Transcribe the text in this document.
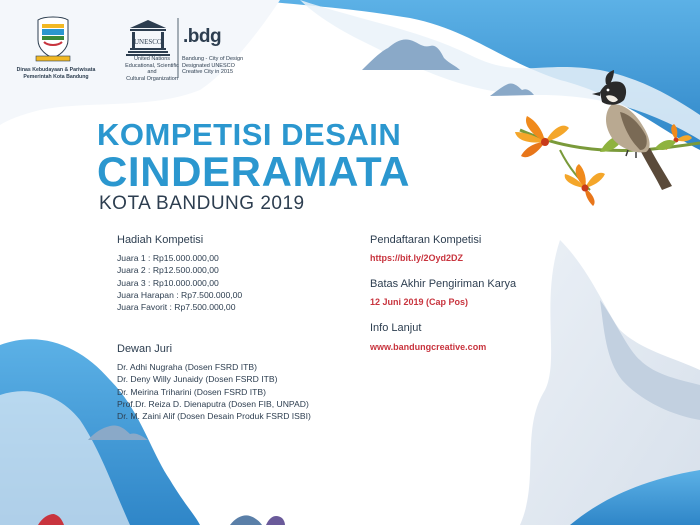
UNESCO
Dinas Kebudayaan & Pariwisata
Pemerintah Kota Bandung
United Nations
Educational, Scientific and
Cultural Organization
.bdg
Bandung - City of Design
Designated UNESCO
Creative City in 2015
KOMPETISI DESAIN
CINDERAMATA
KOTA BANDUNG 2019
Hadiah Kompetisi
Juara 1 : Rp15.000.000,00
Juara 2 : Rp12.500.000,00
Juara 3 : Rp10.000.000,00
Juara Harapan : Rp7.500.000,00
Juara Favorit : Rp7.500.000,00
Dewan Juri
Dr. Adhi Nugraha (Dosen FSRD ITB)
Dr. Deny Willy Junaidy (Dosen FSRD ITB)
Dr. Meirina Triharini (Dosen FSRD ITB)
Prof.Dr. Reiza D. Dienaputra (Dosen FIB, UNPAD)
Dr. M. Zaini Alif (Dosen Desain Produk FSRD ISBI)
Pendaftaran Kompetisi
https://bit.ly/2Oyd2DZ
Batas Akhir Pengiriman Karya
12 Juni 2019 (Cap Pos)
Info Lanjut
www.bandungcreative.com
